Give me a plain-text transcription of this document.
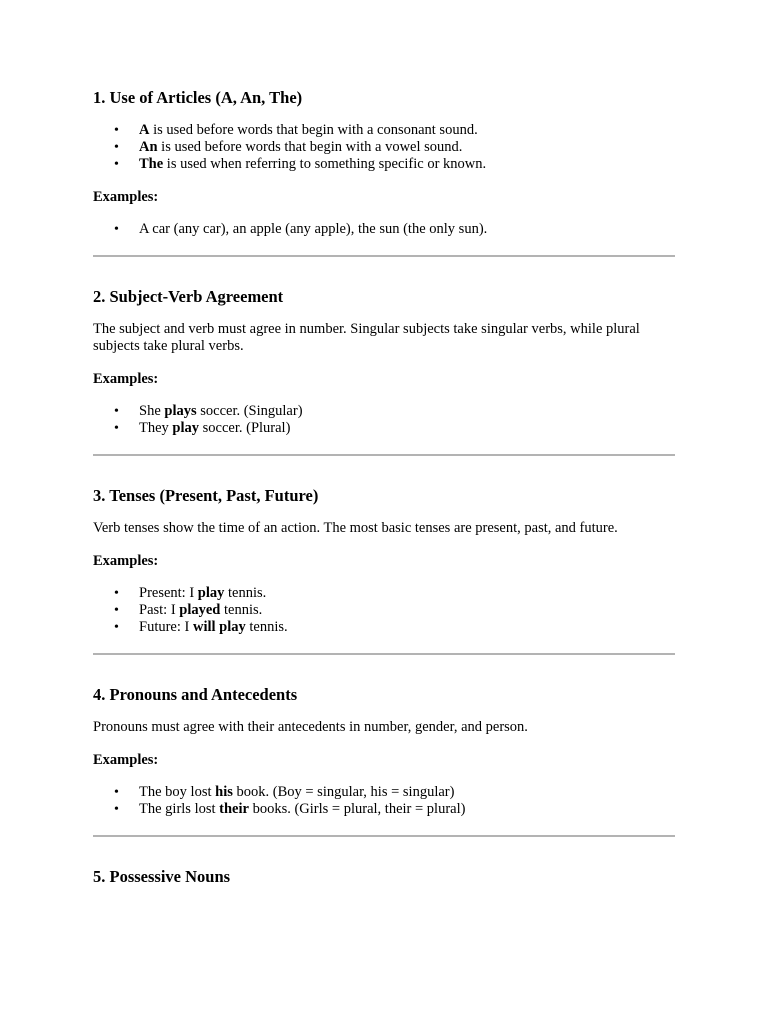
1. Use of Articles (A, An, The)
• A is used before words that begin with a consonant sound.
• An is used before words that begin with a vowel sound.
• The is used when referring to something specific or known.

Examples:

• A car (any car), an apple (any apple), the sun (the only sun).
2. Subject-Verb Agreement

The subject and verb must agree in number. Singular subjects take singular verbs, while plural subjects take plural verbs.

Examples:

• She plays soccer. (Singular)
• They play soccer. (Plural)
3. Tenses (Present, Past, Future)

Verb tenses show the time of an action. The most basic tenses are present, past, and future.

Examples:

• Present: I play tennis.
• Past: I played tennis.
• Future: I will play tennis.
4. Pronouns and Antecedents

Pronouns must agree with their antecedents in number, gender, and person.

Examples:

• The boy lost his book. (Boy = singular, his = singular)
• The girls lost their books. (Girls = plural, their = plural)
5. Possessive Nouns
